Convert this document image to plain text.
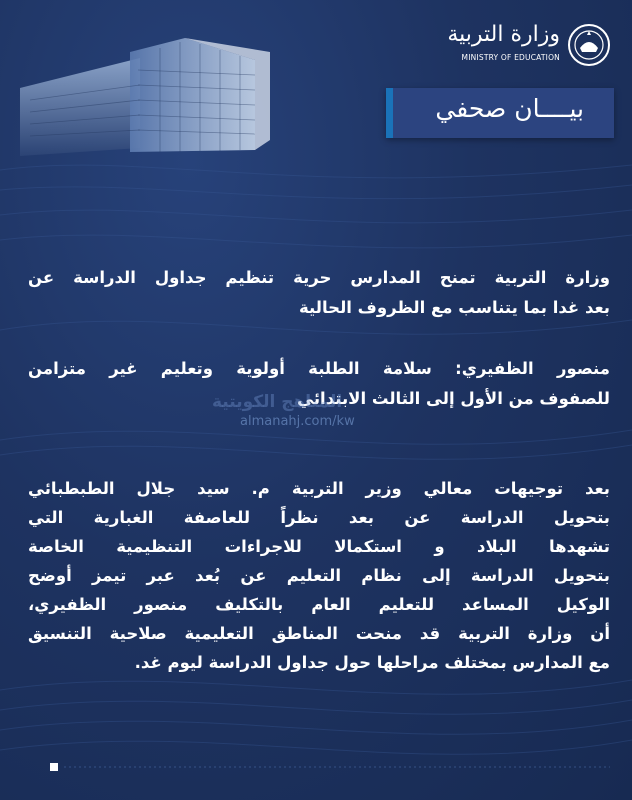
وزارة التربية
MINISTRY OF EDUCATION
بيــــان صحفي
وزارة التربية تمنح المدارس حرية تنظيم جداول الدراسة عن
بعد غدا بما يتناسب مع الظروف الحالية
منصور الظفيري: سلامة الطلبة أولوية وتعليم غير متزامن
للصفوف من الأول إلى الثالث الابتدائي
المناهج الكويتية
almanahj.com/kw
بعد توجيهات معالي وزير التربية م. سيد جلال الطبطبائي
بتحويل الدراسة عن بعد نظراً للعاصفة الغبارية التي
تشهدها البلاد و استكمالا للاجراءات التنظيمية الخاصة
بتحويل الدراسة إلى نظام التعليم عن بُعد عبر تيمز أوضح
الوكيل المساعد للتعليم العام بالتكليف منصور الظفيري،
أن وزارة التربية قد منحت المناطق التعليمية صلاحية التنسيق
مع المدارس بمختلف مراحلها حول جداول الدراسة ليوم غد.
